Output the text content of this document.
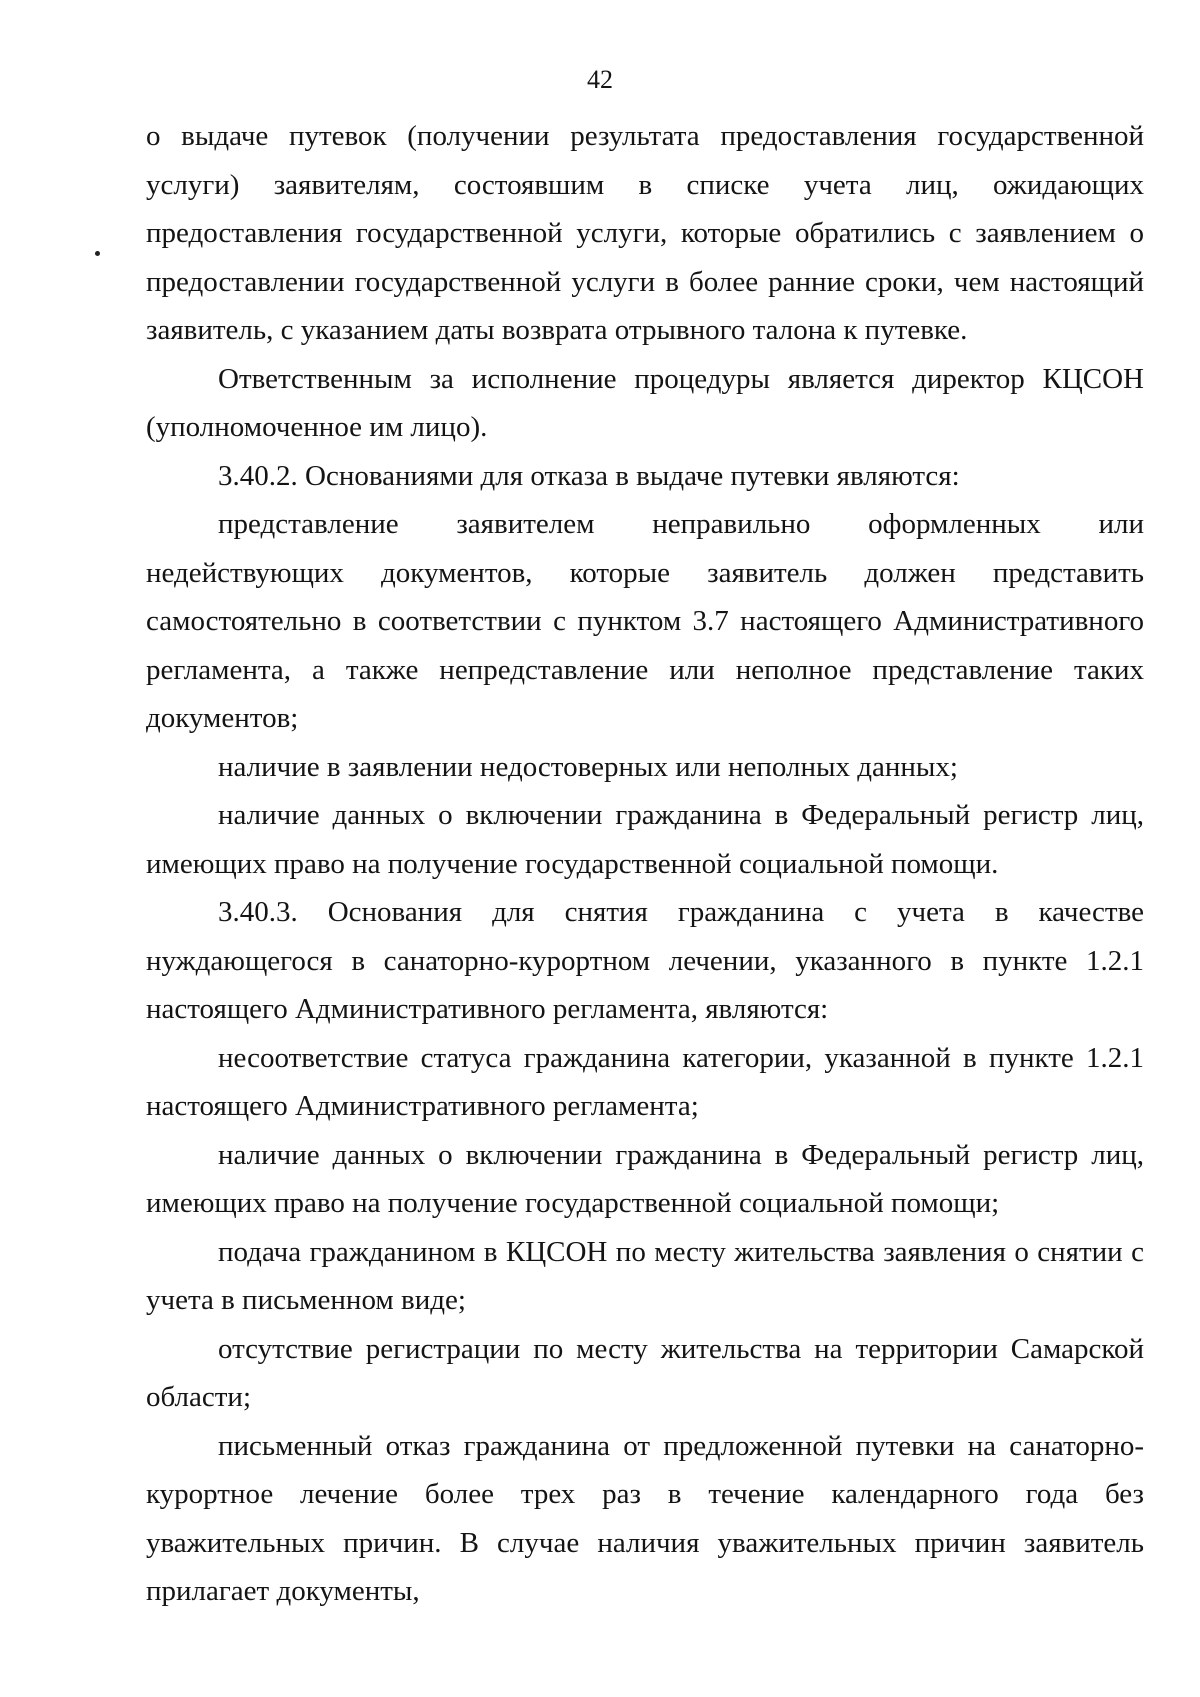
42

о выдаче путевок (получении результата предоставления государственной услуги) заявителям, состоявшим в списке учета лиц, ожидающих предоставления государственной услуги, которые обратились с заявлением о предоставлении государственной услуги в более ранние сроки, чем настоящий заявитель, с указанием даты возврата отрывного талона к путевке.

Ответственным за исполнение процедуры является директор КЦСОН (уполномоченное им лицо).

3.40.2. Основаниями для отказа в выдаче путевки являются:

представление заявителем неправильно оформленных или недействующих документов, которые заявитель должен представить самостоятельно в соответствии с пунктом 3.7 настоящего Административного регламента, а также непредставление или неполное представление таких документов;

наличие в заявлении недостоверных или неполных данных;

наличие данных о включении гражданина в Федеральный регистр лиц, имеющих право на получение государственной социальной помощи.

3.40.3. Основания для снятия гражданина с учета в качестве нуждающегося в санаторно-курортном лечении, указанного в пункте 1.2.1 настоящего Административного регламента, являются:

несоответствие статуса гражданина категории, указанной в пункте 1.2.1 настоящего Административного регламента;

наличие данных о включении гражданина в Федеральный регистр лиц, имеющих право на получение государственной социальной помощи;

подача гражданином в КЦСОН по месту жительства заявления о снятии с учета в письменном виде;

отсутствие регистрации по месту жительства на территории Самарской области;

письменный отказ гражданина от предложенной путевки на санаторно-курортное лечение более трех раз в течение календарного года без уважительных причин. В случае наличия уважительных причин заявитель прилагает документы,
